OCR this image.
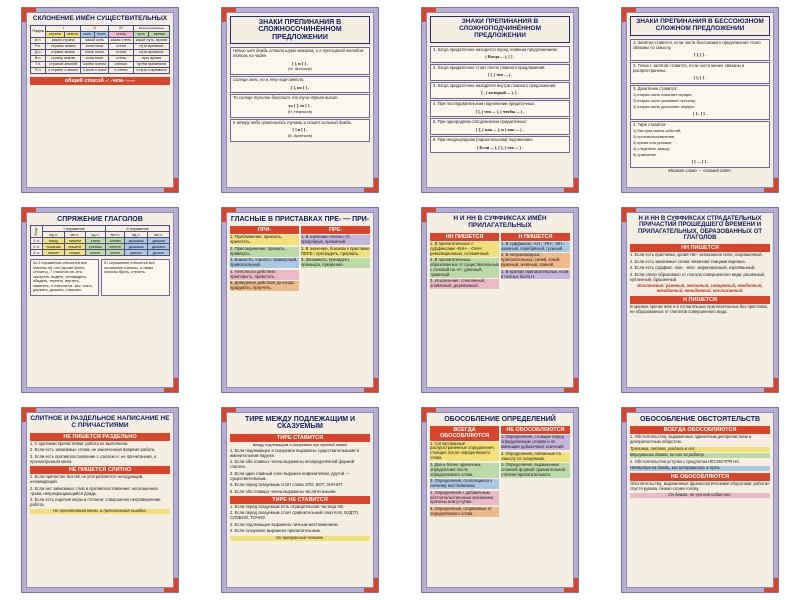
СКЛОНЕНИЕ ИМЁН СУЩЕСТВИТЕЛЬНЫХ
Падеж	I		II		III	Разносклоняемые	
	страна	земля	конь	поле	степь	путь	время
И.п.	какая страна		какой конь		какая степь	какой путь, время	
Р.п.	страны земли		коня поля		степи	пути времени	
Д.п.	стране земле		коню полю		степи	пути времени	
В.п.	страну землю		коня поле		степь	путь время	
Т.п.	страной землёй		конём полем		степью	путём временем	
П.п.	о стране о земле		о коне о поле		о степи	о пути о времени	
общий способ -: -чем- -----
ЗНАКИ ПРЕПИНАНИЯ В СЛОЖНОСОЧИНЁННОМ ПРЕДЛОЖЕНИИ

Ночью шёл дождь стояла шума комаров, и я пустырной желобом тополь на чайке.

[ ], и [ ] .

(М. Шолохов)

Солнце село, но в лесу ещё светло.

[ ], но [ ] .

То солнце тусклое блестит, то туча чёрная висит.

то [ ], то [ ] .

(Н. Некрасов)

К вечеру небо прояснилось тучами и пошёл сильный дождь.

[ ] и [ ] .

(В. Арсеньев)

ЗНАКИ ПРЕПИНАНИЯ В СЛОЖНОПОДЧИНЁННОМ ПРЕДЛОЖЕНИИ

1. Когда придаточное находится перед главным предложением:

( Когда ... ), [ ] .

2. Когда придаточное стоит после главного предложения:

[ ], ( что ... ) .

3. Когда придаточное находится внутри главного предложения:

[ , ( который ... ), ] .

4. При последовательном подчинении придаточных:

[ ], ( что ... ), ( чтобы ... ) .

5. При однородном соподчинении придаточных:

[ ], ( как ... ), и ( как ... ) .

6. При неоднородном (параллельном) подчинении:

( Если ... ), [ ], ( что ... ) .

ЗНАКИ ПРЕПИНАНИЯ В БЕССОЮЗНОМ СЛОЖНОМ ПРЕДЛОЖЕНИИ

1. Запятая ставится, если части бессоюзного предложения тесно связаны по смыслу.

[ ], [ ] .

2. Точка с запятой ставится, если части менее связаны и распространены.

[ ]; [ ] .

3. Двоеточие ставится:

1) вторая часть поясняет первую;

2) вторая часть указывает причину;

3) вторая часть дополняет первую.

[ ] : [ ] .

4. Тире ставится:

1) быстрая смена событий;

2) противопоставление;

3) время или условие;

4) следствие, вывод;

5) сравнение.

[ ] — [ ] .

Молвит слово — соловей поёт.

СПРЯЖЕНИЕ ГЛАГОЛОВ
Лицо	I спряжение			II спряжение		
	ед.ч.	мн.ч.	ед.ч.	мн.ч.	ед.ч.	мн.ч.
1 л.	пишу	пишем	клею	клеим	дышишь	дышим
2 л.	пишешь	пишете	клеишь	клеите	дышишь	дышите
3 л.	пишет	пишут	клеит	клеят	дышит	дышат

Ко II спряжению относятся все глаголы на -ить (кроме брить, стелить), 7 глаголов на -еть: смотреть, видеть, ненавидеть, обидеть, терпеть, вертеть, зависеть; 4 глагола на -ать: гнать, держать, дышать, слышать.

К I спряжению относятся все остальные глаголы, а также глаголы брить, стелить.

ГЛАСНЫЕ В ПРИСТАВКАХ ПРЕ- — ПРИ-
ПРИ-

1. Приближение: приехать, прилететь.

2. Присоединение: пришить, привязать.

3. Близость, «около»: приморский, привокзальный.

4. Неполнота действия: приоткрыть, привстать.

5. Доведение действия до конца: придумать, приучить.

ПРЕ-

1. В значении «очень»:预 предобрый, премилый.

2. В значении, близком к приставке ПЕРЕ-: преградить, прервать.

3. Запомнить: президент, премьера, презрение.

Н И НН В СУФФИКСАХ ИМЁН ПРИЛАГАТЕЛЬНЫХ
НН ПИШЕТСЯ

1. В прилагательных с суффиксами -ЕНН-, -ОНН-: революционный, соломенный.

2. В прилагательных, образованных от существительных с основой на -Н-: длинный, туманный.

3. Исключение: стеклянный, оловянный, деревянный.

Н ПИШЕТСЯ

1. В суффиксах -АН-, -ЯН-, -ИН-: кожаный, серебряный, гусиный.

2. В непроизводных прилагательных: синий, юный, румяный, зелёный, свиной.

3. В кратких прилагательных, если в полных было Н.

Н И НН В СУФФИКСАХ СТРАДАТЕЛЬНЫХ ПРИЧАСТИЙ ПРОШЕДШЕГО ВРЕМЕНИ И ПРИЛАГАТЕЛЬНЫХ, ОБРАЗОВАННЫХ ОТ ГЛАГОЛОВ
НН ПИШЕТСЯ

1. Если есть приставка, кроме НЕ-: вспаханное поле, покрашенный.

2. Если есть зависимые слова: вязанная спицами варежка.

3. Если есть суффикс -ова-, -ёва-: маринованный, корчёванный.

4. Если слово образовано от глагола совершенного вида: решённый, купленный, брошенный.

Исключения: раненый, желанный, священный, нежданный, негаданный, невиданный, неслыханный.

Н ПИШЕТСЯ

В кратких причастиях и в отглагольных прилагательных без приставок, не образованных от глаголов совершенного вида.

СЛИТНОЕ И РАЗДЕЛЬНОЕ НАПИСАНИЕ НЕ С ПРИЧАСТИЯМИ
НЕ ПИШЕТСЯ РАЗДЕЛЬНО

1. С краткими причастиями: работа не выполнена.

2. Если есть зависимые слова: не законченная вовремя работа.

3. Если есть противопоставление с союзом А: не прочитанная, а просмотренная книга.

НЕ ПИШЕТСЯ СЛИТНО

1. Если причастие без НЕ не употребляется: негодующий, ненавидящий.

2. Если нет зависимых слов и противопоставления: нескошенная трава, непрекращающийся дождь.

3. Если есть наречия меры и степени: совершенно непроверенная работа.

Не прочитанная мною, а прочитанная ошибка.

ТИРЕ МЕЖДУ ПОДЛЕЖАЩИМ И СКАЗУЕМЫМ
ТИРЕ СТАВИТСЯ

между подлежащим и сказуемым при нулевой связке

1. Если подлежащее и сказуемое выражены существительными в именительном падеже.

2. Если оба главных члена выражены неопределённой формой глагола.

3. Если один главный член выражен инфинитивом, другой — существительным.

4. Если перед сказуемым стоят слова ЭТО, ВОТ, ЗНАЧИТ.

5. Если оба главных члена выражены числительными.

ТИРЕ НЕ СТАВИТСЯ

1. Если перед сказуемым есть отрицательная частица НЕ.

2. Если перед сказуемым стоит сравнительный союз КАК, БУДТО, СЛОВНО, ТОЧНО.

3. Если подлежащее выражено личным местоимением.

4. Если сказуемое выражено прилагательным.

Он прекрасный человек.

ОБОСОБЛЕНИЕ ОПРЕДЕЛЕНИЙ
ВСЕГДА ОБОСОБЛЯЮТСЯ

1. Согласованные распространённые определения, стоящие после определяемого слова.

2. Два и более одиночных определения после определяемого слова.

3. Определения, относящиеся к личному местоимению.

4. Определения с добавочным обстоятельственным значением причины или уступки.

5. Определения, оторванные от определяемого слова.

НЕ ОБОСОБЛЯЮТСЯ

1. Определения, стоящие перед определяемым словом и не имеющие добавочных значений.

2. Определения, связанные по смыслу со сказуемым.

3. Определения, выраженные сложной формой сравнительной степени прилагательного.

ОБОСОБЛЕНИЕ ОБСТОЯТЕЛЬСТВ
ВСЕГДА ОБОСОБЛЯЮТСЯ

1. Обстоятельства, выраженные одиночным деепричастием и деепричастным оборотом.

Тропинка, петляя, уходила в лес.

Вернувшись домой, он сел за работу.

2. Обстоятельства уступки с предлогом НЕСМОТРЯ НА.

Несмотря на дождь, мы отправились в путь.

НЕ ОБОСОБЛЯЮТСЯ

Обстоятельства, выраженные фразеологическими оборотами: работал спустя рукава, бежал сломя голову.

Он бежал, не чуя под собой ног.
